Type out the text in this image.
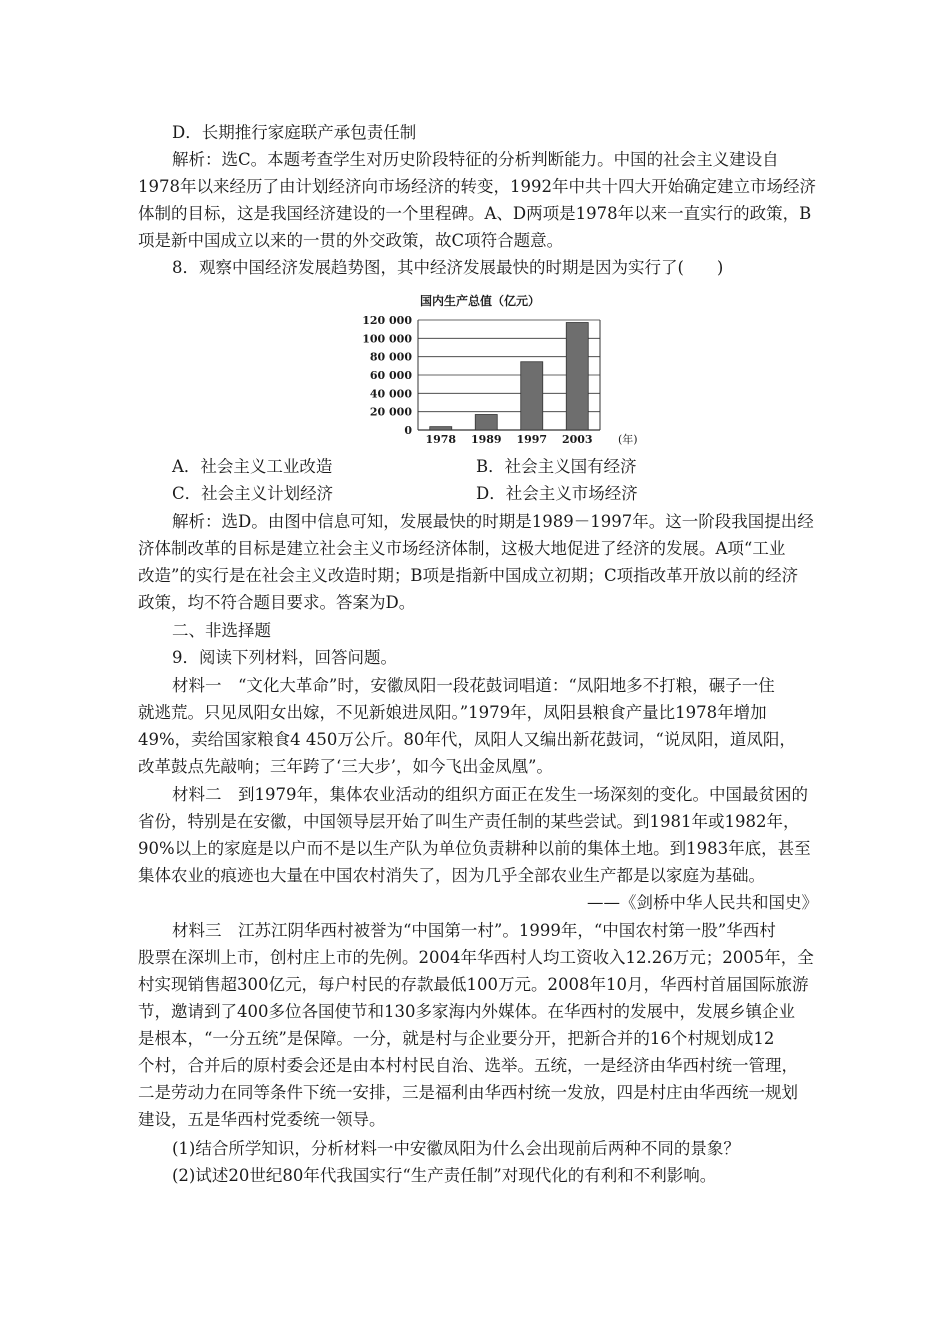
D．长期推行家庭联产承包责任制
解析：选C。本题考查学生对历史阶段特征的分析判断能力。中国的社会主义建设自
1978年以来经历了由计划经济向市场经济的转变，1992年中共十四大开始确定建立市场经济
体制的目标，这是我国经济建设的一个里程碑。A、D两项是1978年以来一直实行的政策，B
项是新中国成立以来的一贯的外交政策，故C项符合题意。
8．观察中国经济发展趋势图，其中经济发展最快的时期是因为实行了(　　)
国内生产总值（亿元）
0
20 000
40 000
60 000
80 000
100 000
120 000
1978 1989 1997 2003 (年)
A．社会主义工业改造	B．社会主义国有经济
C．社会主义计划经济	D．社会主义市场经济
解析：选D。由图中信息可知，发展最快的时期是1989－1997年。这一阶段我国提出经
济体制改革的目标是建立社会主义市场经济体制，这极大地促进了经济的发展。A项“工业
改造”的实行是在社会主义改造时期；B项是指新中国成立初期；C项指改革开放以前的经济
政策，均不符合题目要求。答案为D。
二、非选择题
9．阅读下列材料，回答问题。
材料一　“文化大革命”时，安徽凤阳一段花鼓词唱道：“凤阳地多不打粮，碾子一住
就逃荒。只见凤阳女出嫁，不见新娘进凤阳。”1979年，凤阳县粮食产量比1978年增加
49%，卖给国家粮食4 450万公斤。80年代，凤阳人又编出新花鼓词，“说凤阳，道凤阳，
改革鼓点先敲响；三年跨了‘三大步’，如今飞出金凤凰”。
材料二　到1979年，集体农业活动的组织方面正在发生一场深刻的变化。中国最贫困的
省份，特别是在安徽，中国领导层开始了叫生产责任制的某些尝试。到1981年或1982年，
90%以上的家庭是以户而不是以生产队为单位负责耕种以前的集体土地。到1983年底，甚至
集体农业的痕迹也大量在中国农村消失了，因为几乎全部农业生产都是以家庭为基础。
——《剑桥中华人民共和国史》
材料三　江苏江阴华西村被誉为“中国第一村”。1999年，“中国农村第一股”华西村
股票在深圳上市，创村庄上市的先例。2004年华西村人均工资收入12.26万元；2005年，全
村实现销售超300亿元，每户村民的存款最低100万元。2008年10月，华西村首届国际旅游
节，邀请到了400多位各国使节和130多家海内外媒体。在华西村的发展中，发展乡镇企业
是根本，“一分五统”是保障。一分，就是村与企业要分开，把新合并的16个村规划成12
个村，合并后的原村委会还是由本村村民自治、选举。五统，一是经济由华西村统一管理，
二是劳动力在同等条件下统一安排，三是福利由华西村统一发放，四是村庄由华西统一规划
建设，五是华西村党委统一领导。
(1)结合所学知识，分析材料一中安徽凤阳为什么会出现前后两种不同的景象？
(2)试述20世纪80年代我国实行“生产责任制”对现代化的有利和不利影响。
